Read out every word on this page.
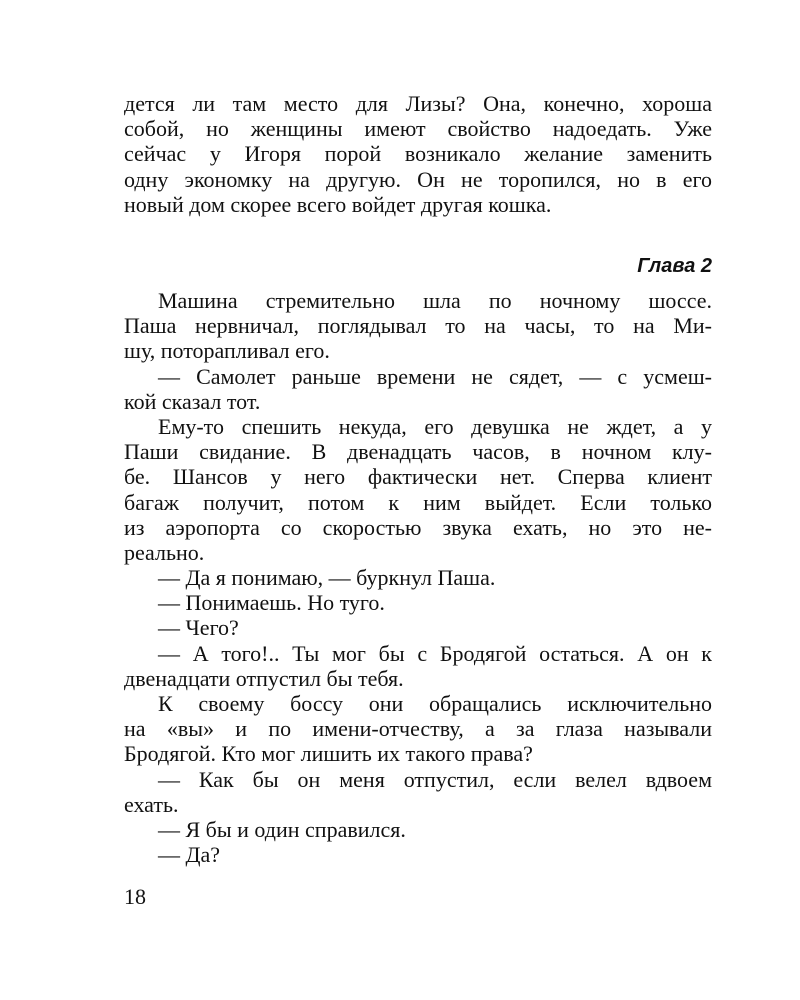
дется ли там место для Лизы? Она, конечно, хороша
собой, но женщины имеют свойство надоедать. Уже
сейчас у Игоря порой возникало желание заменить
одну экономку на другую. Он не торопился, но в его
новый дом скорее всего войдет другая кошка.
Глава 2
Машина стремительно шла по ночному шоссе.
Паша нервничал, поглядывал то на часы, то на Ми-
шу, поторапливал его.
— Самолет раньше времени не сядет, — с усмеш-
кой сказал тот.
Ему-то спешить некуда, его девушка не ждет, а у
Паши свидание. В двенадцать часов, в ночном клу-
бе. Шансов у него фактически нет. Сперва клиент
багаж получит, потом к ним выйдет. Если только
из аэропорта со скоростью звука ехать, но это не-
реально.
— Да я понимаю, — буркнул Паша.
— Понимаешь. Но туго.
— Чего?
— А того!.. Ты мог бы с Бродягой остаться. А он к
двенадцати отпустил бы тебя.
К своему боссу они обращались исключительно
на «вы» и по имени-отчеству, а за глаза называли
Бродягой. Кто мог лишить их такого права?
— Как бы он меня отпустил, если велел вдвоем
ехать.
— Я бы и один справился.
— Да?
18
